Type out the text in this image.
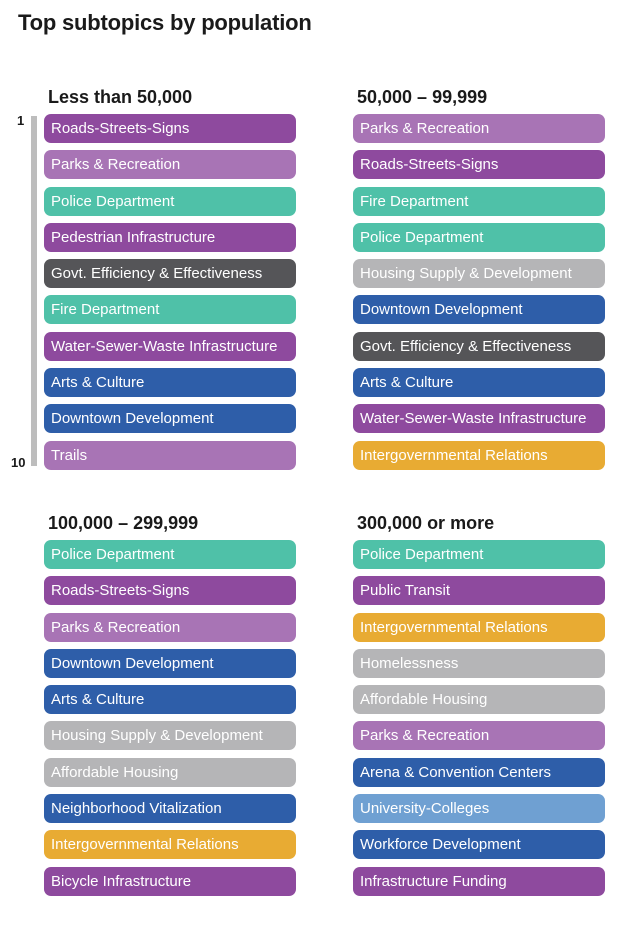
Top subtopics by population
1
10
Less than 50,000
Roads-Streets-Signs
Parks & Recreation
Police Department
Pedestrian Infrastructure
Govt. Efficiency & Effectiveness
Fire Department
Water-Sewer-Waste Infrastructure
Arts & Culture
Downtown Development
Trails
50,000 – 99,999
Parks & Recreation
Roads-Streets-Signs
Fire Department
Police Department
Housing Supply & Development
Downtown Development
Govt. Efficiency & Effectiveness
Arts & Culture
Water-Sewer-Waste Infrastructure
Intergovernmental Relations
100,000 – 299,999
Police Department
Roads-Streets-Signs
Parks & Recreation
Downtown Development
Arts & Culture
Housing Supply & Development
Affordable Housing
Neighborhood Vitalization
Intergovernmental Relations
Bicycle Infrastructure
300,000 or more
Police Department
Public Transit
Intergovernmental Relations
Homelessness
Affordable Housing
Parks & Recreation
Arena & Convention Centers
University-Colleges
Workforce Development
Infrastructure Funding
